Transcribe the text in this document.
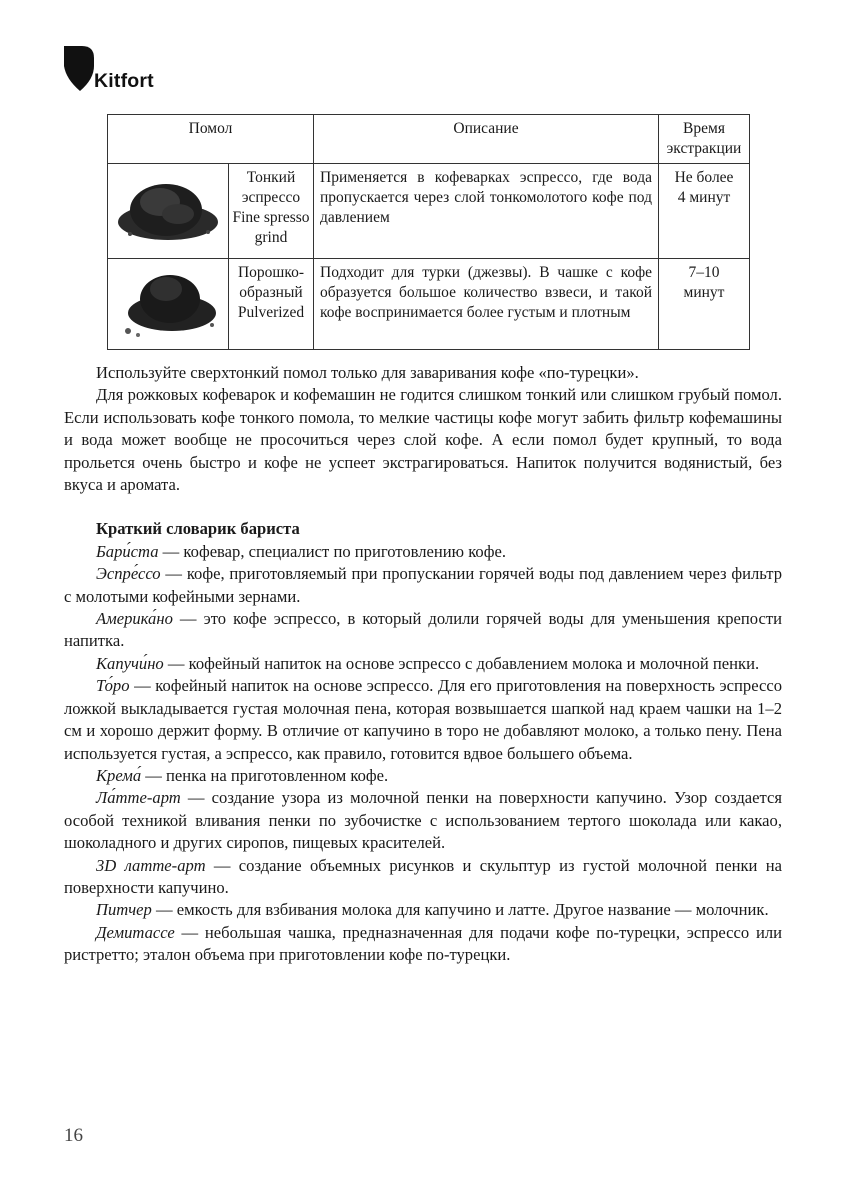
Kitfort
Помол		Описание	Время
экстракции

Тонкий
эспрессо
Fine spresso
grind	Применяется в кофеварках эспрессо, где вода пропускается через слой тонкомолотого кофе под давлением	Не более
4 минут

Порошко-
образный
Pulverized	Подходит для турки (джезвы). В чашке с кофе образуется большое количество взвеси, и такой кофе воспринимается более густым и плотным	7–10
минут

Используйте сверхтонкий помол только для заваривания кофе «по-турецки».

Для рожковых кофеварок и кофемашин не годится слишком тонкий или слишком грубый помол. Если использовать кофе тонкого помола, то мелкие частицы кофе могут забить фильтр кофемашины и вода может вообще не просочиться через слой кофе. А если помол будет крупный, то вода прольется очень быстро и кофе не успеет экстрагироваться. Напиток получится водянистый, без вкуса и аромата.

Краткий словарик бариста

Бари́ста — кофевар, специалист по приготовлению кофе.

Эспре́ссо — кофе, приготовляемый при пропускании горячей воды под давлением через фильтр с молотыми кофейными зернами.

Америка́но — это кофе эспрессо, в который долили горячей воды для уменьшения крепости напитка.

Капучи́но — кофейный напиток на основе эспрессо с добавлением молока и молочной пенки.

То́ро — кофейный напиток на основе эспрессо. Для его приготовления на поверхность эспрессо ложкой выкладывается густая молочная пена, которая возвышается шапкой над краем чашки на 1–2 см и хорошо держит форму. В отличие от капучино в торо не добавляют молоко, а только пену. Пена используется густая, а эспрессо, как правило, готовится вдвое большего объема.

Крема́ — пенка на приготовленном кофе.

Ла́тте-арт — создание узора из молочной пенки на поверхности капучино. Узор создается особой техникой вливания пенки по зубочистке с использованием тертого шоколада или какао, шоколадного и других сиропов, пищевых красителей.

3D латте-арт — создание объемных рисунков и скульптур из густой молочной пенки на поверхности капучино.

Питчер — емкость для взбивания молока для капучино и латте. Другое название — молочник.

Демитассе — небольшая чашка, предназначенная для подачи кофе по-турецки, эспрессо или ристретто; эталон объема при приготовлении кофе по-турецки.

16
